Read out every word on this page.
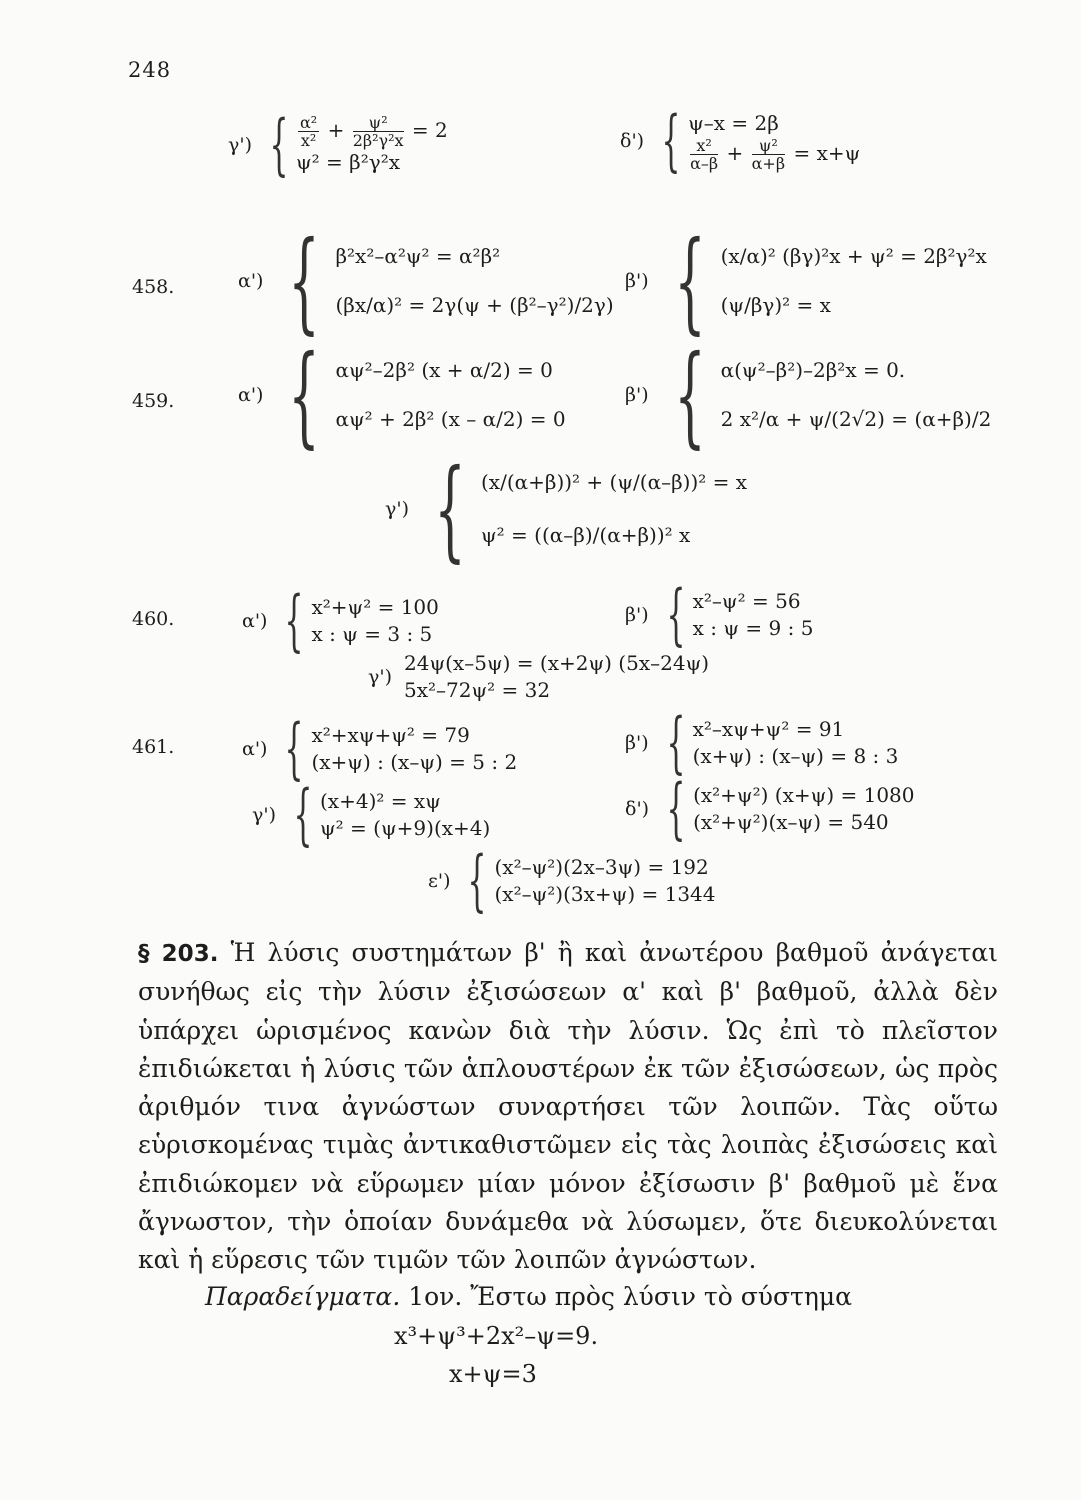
248
γ') { $\frac{\text{α²}}{\text{x²}} + \frac{\text{ψ²}}{\text{2β²γ²x}} = 2$
ψ² = β²γ²x
δ') { ψ–x = 2β
$\frac{\text{x²}}{\alpha-\beta} + \frac{\text{ψ²}}{\alpha+\beta} = x+\psi$
458.	α') { β²x²–α²ψ² = α²β²
(βx/α)² = 2γ(ψ + (β²–γ²)/2γ)
β') { (x/α)² (βγ)²x + ψ² = 2β²γ²x
(ψ/βγ)² = x
459.	α') { αψ²–2β² (x + α/2) = 0
αψ² + 2β² (x – α/2) = 0
β') { α(ψ²–β²)–2β²x = 0.
2 x²/α + ψ/(2√2) = (α+β)/2
γ') { (x/(α+β))² + (ψ/(α–β))² = x
ψ² = ((α–β)/(α+β))² x
460.	α') { x²+ψ² = 100
x : ψ = 3 : 5
β') { x²–ψ² = 56
x : ψ = 9 : 5
γ')
24ψ(x–5ψ) = (x+2ψ) (5x–24ψ)
5x²–72ψ² = 32
461.	α') { x²+xψ+ψ² = 79
(x+ψ) : (x–ψ) = 5 : 2
β') { x²–xψ+ψ² = 91
(x+ψ) : (x–ψ) = 8 : 3
γ') { (x+4)² = xψ
ψ² = (ψ+9)(x+4)
δ') { (x²+ψ²) (x+ψ) = 1080
(x²+ψ²)(x–ψ) = 540
ε') { (x²–ψ²)(2x–3ψ) = 192
(x²–ψ²)(3x+ψ) = 1344

§ 203. Ἡ λύσις συστημάτων β' ἢ καὶ ἀνωτέρου βαθμοῦ ἀνάγεται συνήθως εἰς τὴν λύσιν ἐξισώσεων α' καὶ β' βαθμοῦ, ἀλλὰ δὲν ὑπάρχει ὡρισμένος κανὼν διὰ τὴν λύσιν. Ὡς ἐπὶ τὸ πλεῖστον ἐπιδιώκεται ἡ λύσις τῶν ἁπλουστέρων ἐκ τῶν ἐξισώσεων, ὡς πρὸς ἀριθμόν τινα ἀγνώστων συναρτήσει τῶν λοιπῶν. Τὰς οὕτω εὑρισκομένας τιμὰς ἀντικαθιστῶμεν εἰς τὰς λοιπὰς ἐξισώσεις καὶ ἐπιδιώκομεν νὰ εὕρωμεν μίαν μόνον ἐξίσωσιν β' βαθμοῦ μὲ ἕνα ἄγνωστον, τὴν ὁποίαν δυνάμεθα νὰ λύσωμεν, ὅτε διευκολύνεται καὶ ἡ εὕρεσις τῶν τιμῶν τῶν λοιπῶν ἀγνώστων.

Παραδείγματα. 1ον. Ἔστω πρὸς λύσιν τὸ σύστημα
x³+ψ³+2x²–ψ=9.
x+ψ=3
